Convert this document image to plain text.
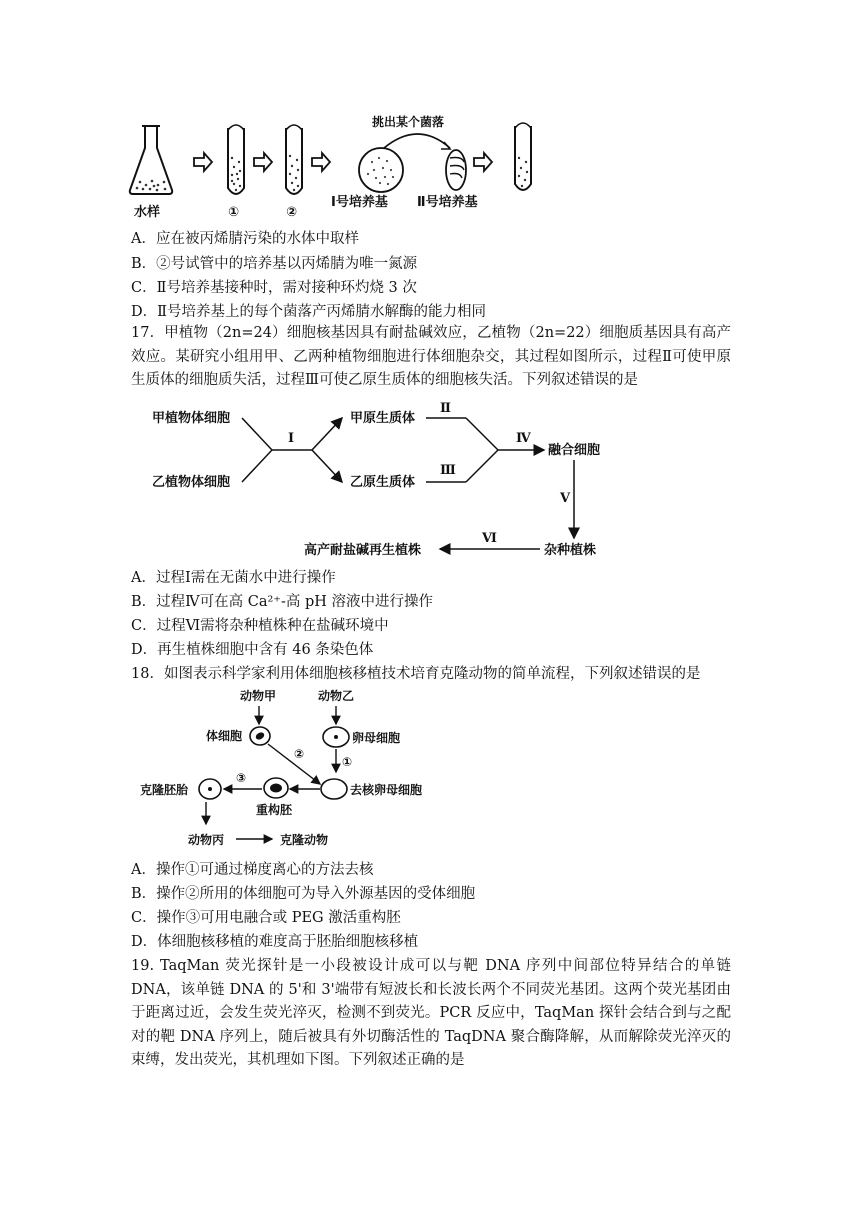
水样	①	②
挑出某个菌落
Ⅰ号培养基 Ⅱ号培养基
A．应在被丙烯腈污染的水体中取样
B．②号试管中的培养基以丙烯腈为唯一氮源
C．Ⅱ号培养基接种时，需对接种环灼烧 3 次
D．Ⅱ号培养基上的每个菌落产丙烯腈水解酶的能力相同
17．甲植物（2n=24）细胞核基因具有耐盐碱效应，乙植物（2n=22）细胞质基因具有高产效应。某研究小组用甲、乙两种植物细胞进行体细胞杂交，其过程如图所示，过程Ⅱ可使甲原生质体的细胞质失活，过程Ⅲ可使乙原生质体的细胞核失活。下列叙述错误的是
甲植物体细胞
乙植物体细胞
Ⅰ
甲原生质体
乙原生质体
Ⅱ
Ⅲ
Ⅳ
融合细胞
Ⅴ
杂种植株
Ⅵ
高产耐盐碱再生植株
A．过程Ⅰ需在无菌水中进行操作
B．过程Ⅳ可在高 Ca²⁺-高 pH 溶液中进行操作
C．过程Ⅵ需将杂种植株种在盐碱环境中
D．再生植株细胞中含有 46 条染色体
18．如图表示科学家利用体细胞核移植技术培育克隆动物的简单流程，下列叙述错误的是
动物甲	动物乙
体细胞	卵母细胞
①
②
去核卵母细胞
重构胚
③
克隆胚胎
动物丙	克隆动物
A．操作①可通过梯度离心的方法去核
B．操作②所用的体细胞可为导入外源基因的受体细胞
C．操作③可用电融合或 PEG 激活重构胚
D．体细胞核移植的难度高于胚胎细胞核移植
19. TaqMan 荧光探针是一小段被设计成可以与靶 DNA 序列中间部位特异结合的单链 DNA，该单链 DNA 的 5'和 3'端带有短波长和长波长两个不同荧光基团。这两个荧光基团由于距离过近，会发生荧光淬灭，检测不到荧光。PCR 反应中，TaqMan 探针会结合到与之配对的靶 DNA 序列上，随后被具有外切酶活性的 TaqDNA 聚合酶降解，从而解除荧光淬灭的束缚，发出荧光，其机理如下图。下列叙述正确的是
